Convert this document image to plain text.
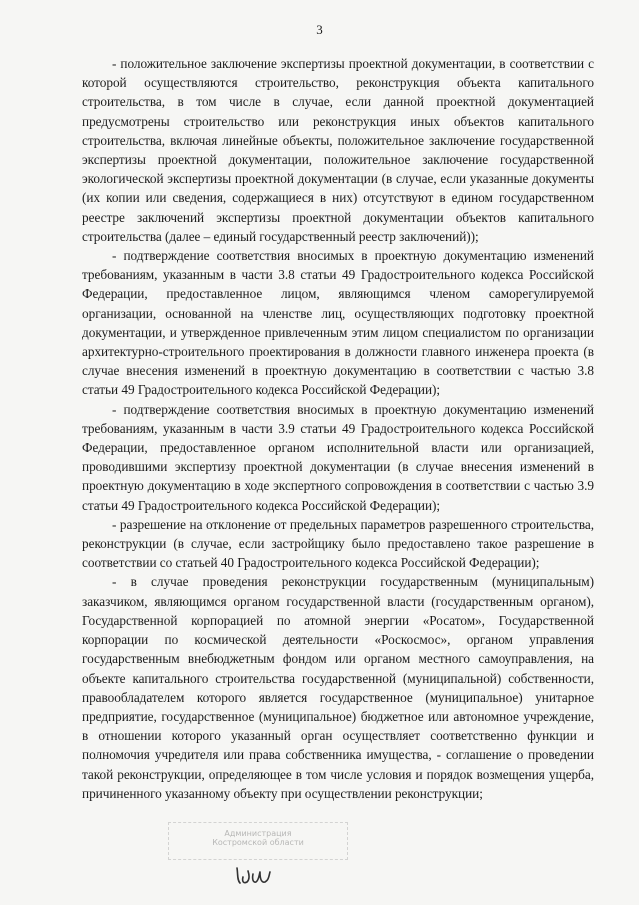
3

- положительное заключение экспертизы проектной документации, в соответствии с которой осуществляются строительство, реконструкция объекта капитального строительства, в том числе в случае, если данной проектной документацией предусмотрены строительство или реконструкция иных объектов капитального строительства, включая линейные объекты, положительное заключение государственной экспертизы проектной документации, положительное заключение государственной экологической экспертизы проектной документации (в случае, если указанные документы (их копии или сведения, содержащиеся в них) отсутствуют в едином государственном реестре заключений экспертизы проектной документации объектов капитального строительства (далее – единый государственный реестр заключений));

- подтверждение соответствия вносимых в проектную документацию изменений требованиям, указанным в части 3.8 статьи 49 Градостроительного кодекса Российской Федерации, предоставленное лицом, являющимся членом саморегулируемой организации, основанной на членстве лиц, осуществляющих подготовку проектной документации, и утвержденное привлеченным этим лицом специалистом по организации архитектурно-строительного проектирования в должности главного инженера проекта (в случае внесения изменений в проектную документацию в соответствии с частью 3.8 статьи 49 Градостроительного кодекса Российской Федерации);

- подтверждение соответствия вносимых в проектную документацию изменений требованиям, указанным в части 3.9 статьи 49 Градостроительного кодекса Российской Федерации, предоставленное органом исполнительной власти или организацией, проводившими экспертизу проектной документации (в случае внесения изменений в проектную документацию в ходе экспертного сопровождения в соответствии с частью 3.9 статьи 49 Градостроительного кодекса Российской Федерации);

- разрешение на отклонение от предельных параметров разрешенного строительства, реконструкции (в случае, если застройщику было предоставлено такое разрешение в соответствии со статьей 40 Градостроительного кодекса Российской Федерации);

- в случае проведения реконструкции государственным (муниципальным) заказчиком, являющимся органом государственной власти (государственным органом), Государственной корпорацией по атомной энергии «Росатом», Государственной корпорации по космической деятельности «Роскосмос», органом управления государственным внебюджетным фондом или органом местного самоуправления, на объекте капитального строительства государственной (муниципальной) собственности, правообладателем которого является государственное (муниципальное) унитарное предприятие, государственное (муниципальное) бюджетное или автономное учреждение, в отношении которого указанный орган осуществляет соответственно функции и полномочия учредителя или права собственника имущества, - соглашение о проведении такой реконструкции, определяющее в том числе условия и порядок возмещения ущерба, причиненного указанному объекту при осуществлении реконструкции;

Администрация
Костромской области
